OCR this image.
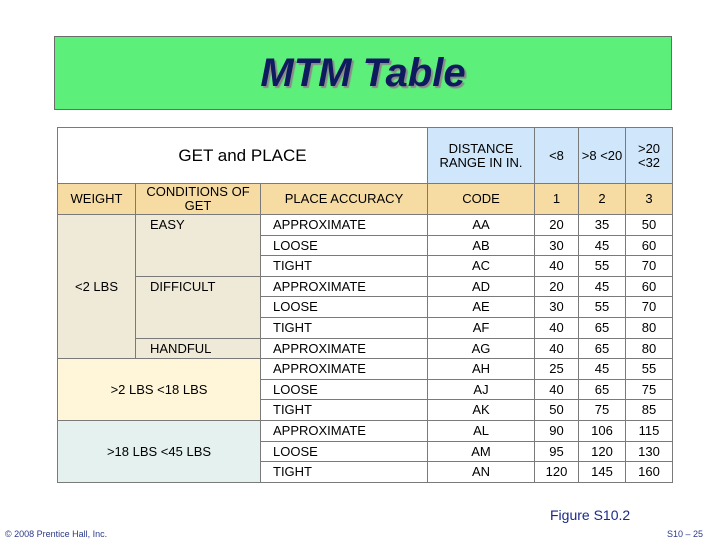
MTM Table
GET and PLACE			DISTANCE RANGE IN IN.	<8	>8 <20	>20 <32
WEIGHT	CONDITIONS OF GET	PLACE ACCURACY	CODE	1	2	3
<2 LBS	EASY	APPROXIMATE	AA	20	35	50
		LOOSE	AB	30	45	60
		TIGHT	AC	40	55	70
	DIFFICULT	APPROXIMATE	AD	20	45	60
		LOOSE	AE	30	55	70
		TIGHT	AF	40	65	80
	HANDFUL	APPROXIMATE	AG	40	65	80
>2 LBS <18 LBS		APPROXIMATE	AH	25	45	55
		LOOSE	AJ	40	65	75
		TIGHT	AK	50	75	85
>18 LBS <45 LBS		APPROXIMATE	AL	90	106	115
		LOOSE	AM	95	120	130
		TIGHT	AN	120	145	160
Figure S10.2
© 2008 Prentice Hall, Inc.	S10 – 25
